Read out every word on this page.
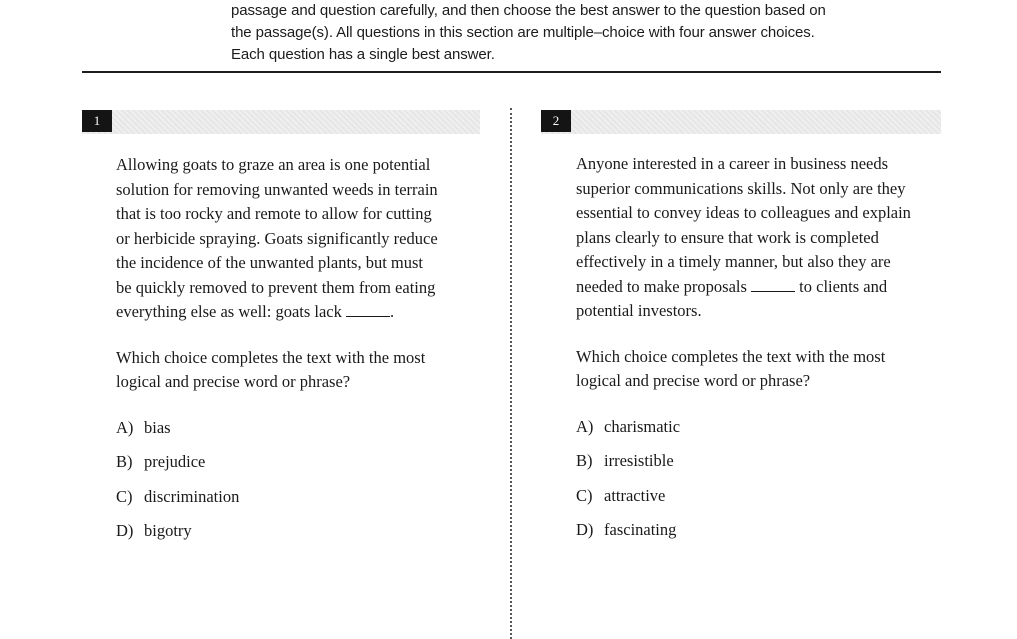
passage and question carefully, and then choose the best answer to the question based on
the passage(s). All questions in this section are multiple–choice with four answer choices.
Each question has a single best answer.
1
Allowing goats to graze an area is one potential
solution for removing unwanted weeds in terrain
that is too rocky and remote to allow for cutting
or herbicide spraying. Goats significantly reduce
the incidence of the unwanted plants, but must
be quickly removed to prevent them from eating
everything else as well: goats lack	.
Which choice completes the text with the most
logical and precise word or phrase?
A) bias
B) prejudice
C) discrimination
D) bigotry
2
Anyone interested in a career in business needs
superior communications skills. Not only are they
essential to convey ideas to colleagues and explain
plans clearly to ensure that work is completed
effectively in a timely manner, but also they are
needed to make proposals	to clients and
potential investors.
Which choice completes the text with the most
logical and precise word or phrase?
A) charismatic
B) irresistible
C) attractive
D) fascinating
